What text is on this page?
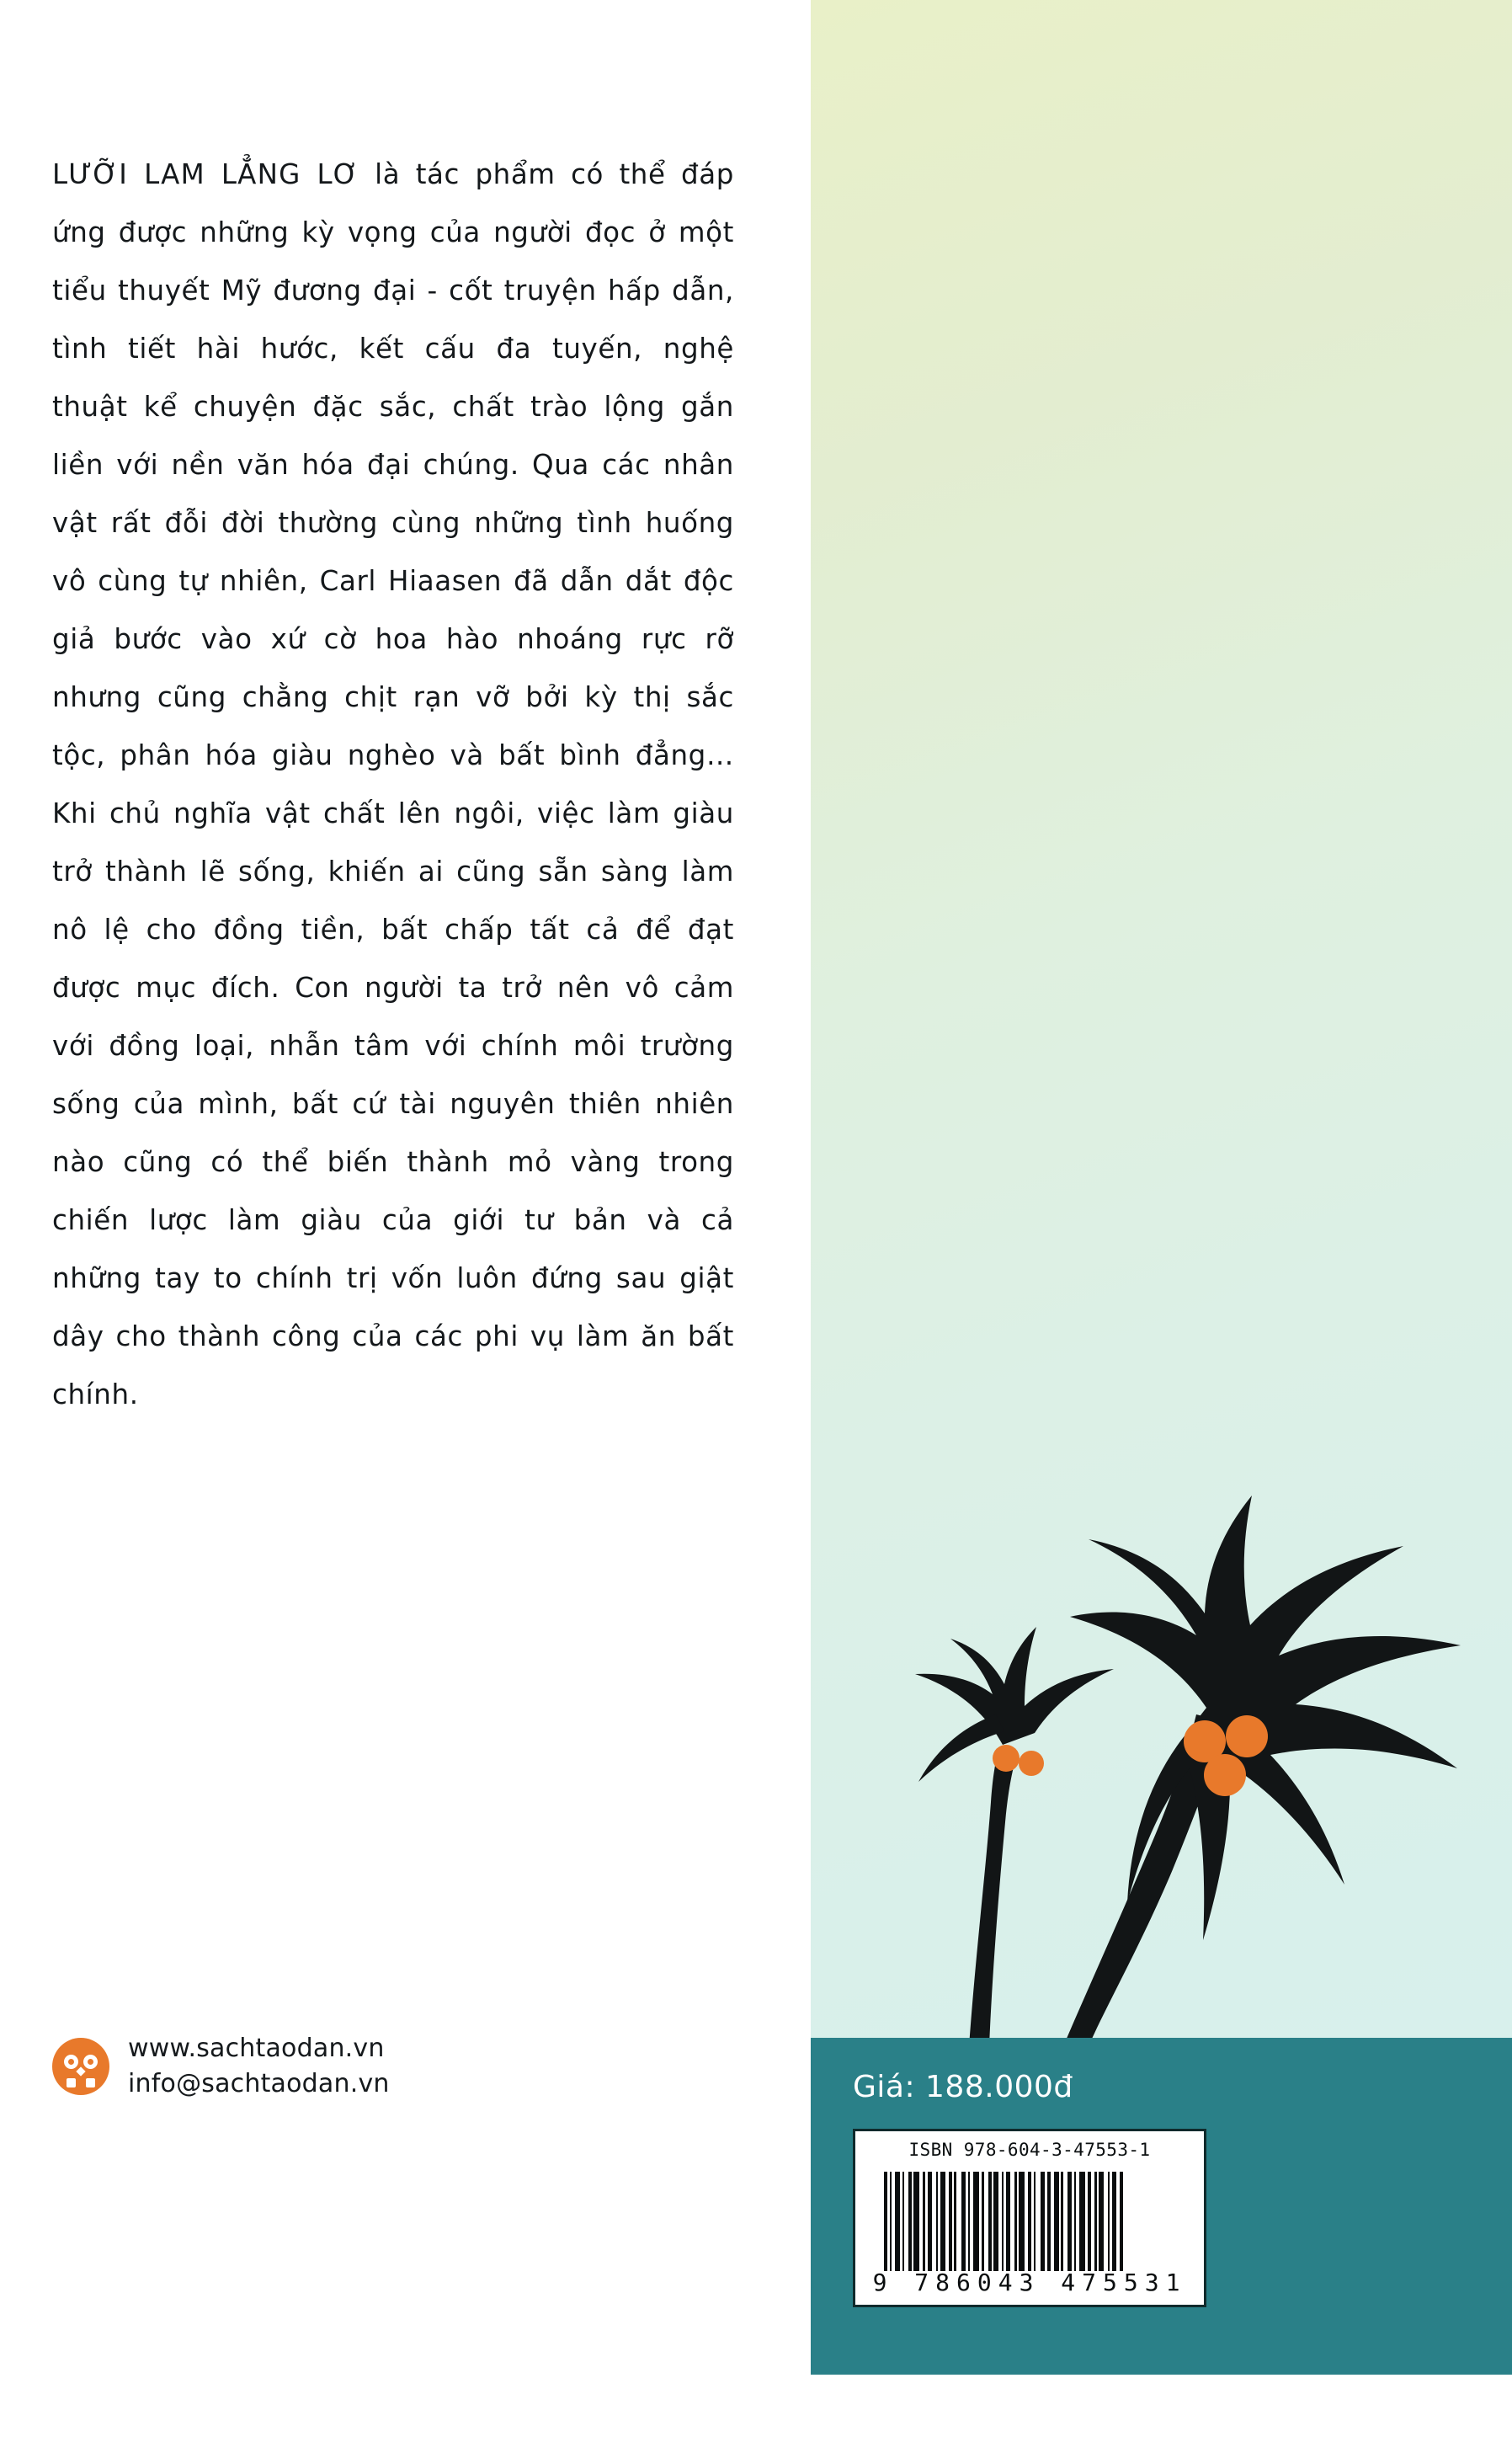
LƯỠI LAM LẲNG LƠ là tác phẩm có thể đáp ứng được những kỳ vọng của người đọc ở một tiểu thuyết Mỹ đương đại - cốt truyện hấp dẫn, tình tiết hài hước, kết cấu đa tuyến, nghệ thuật kể chuyện đặc sắc, chất trào lộng gắn liền với nền văn hóa đại chúng. Qua các nhân vật rất đỗi đời thường cùng những tình huống vô cùng tự nhiên, Carl Hiaasen đã dẫn dắt độc giả bước vào xứ cờ hoa hào nhoáng rực rỡ nhưng cũng chằng chịt rạn vỡ bởi kỳ thị sắc tộc, phân hóa giàu nghèo và bất bình đẳng… Khi chủ nghĩa vật chất lên ngôi, việc làm giàu trở thành lẽ sống, khiến ai cũng sẵn sàng làm nô lệ cho đồng tiền, bất chấp tất cả để đạt được mục đích. Con người ta trở nên vô cảm với đồng loại, nhẫn tâm với chính môi trường sống của mình, bất cứ tài nguyên thiên nhiên nào cũng có thể biến thành mỏ vàng trong chiến lược làm giàu của giới tư bản và cả những tay to chính trị vốn luôn đứng sau giật dây cho thành công của các phi vụ làm ăn bất chính.

www.sachtaodan.vn
info@sachtaodan.vn	Giá: 188.000đ
ISBN 978-604-3-47553-1
9 786043 475531
